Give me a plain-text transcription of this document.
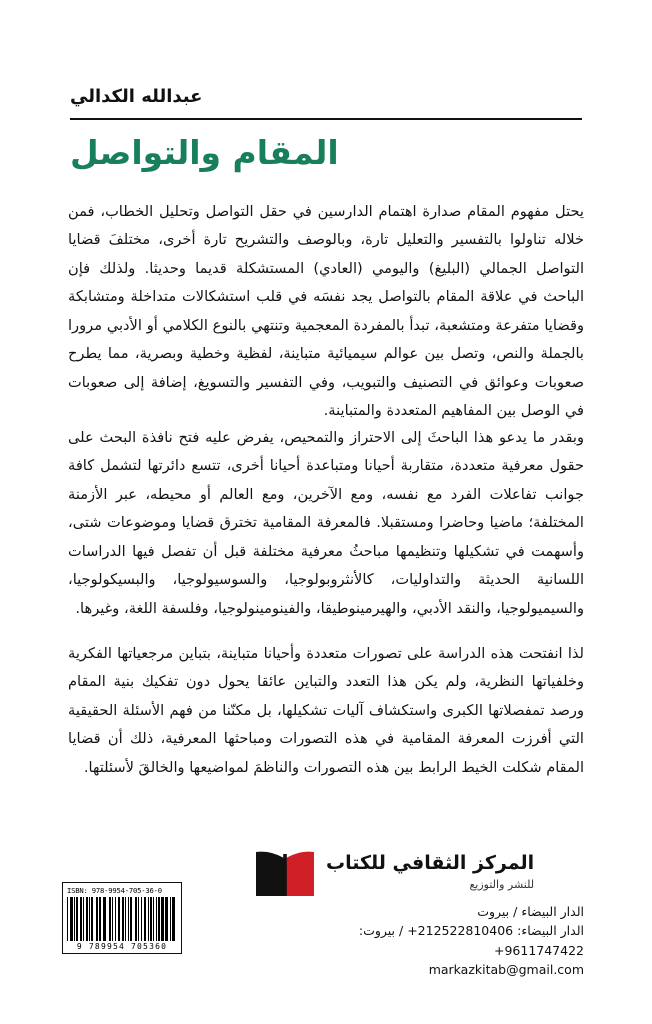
عبدالله الكدالي
المقام والتواصل

يحتل مفهوم المقام صدارة اهتمام الدارسين في حقل التواصل وتحليل الخطاب، فمن خلاله تناولوا بالتفسير والتعليل تارة، وبالوصف والتشريح تارة أخرى، مختلفَ قضايا التواصل الجمالي (البليغ) واليومي (العادي) المستشكلة قديما وحديثا. ولذلك فإن الباحث في علاقة المقام بالتواصل يجد نفسَه في قلب استشكالات متداخلة ومتشابكة وقضايا متفرعة ومتشعبة، تبدأ بالمفردة المعجمية وتنتهي بالنوع الكلامي أو الأدبي مرورا بالجملة والنص، وتصل بين عوالم سيميائية متباينة، لفظية وخطية وبصرية، مما يطرح صعوبات وعوائق في التصنيف والتبويب، وفي التفسير والتسويغ، إضافة إلى صعوبات في الوصل بين المفاهيم المتعددة والمتباينة.

وبقدر ما يدعو هذا الباحثَ إلى الاحتراز والتمحيص، يفرض عليه فتح نافذة البحث على حقول معرفية متعددة، متقاربة أحيانا ومتباعدة أحيانا أخرى، تتسع دائرتها لتشمل كافة جوانب تفاعلات الفرد مع نفسه، ومع الآخرين، ومع العالم أو محيطه، عبر الأزمنة المختلفة؛ ماضيا وحاضرا ومستقبلا. فالمعرفة المقامية تخترق قضايا وموضوعات شتى، وأسهمت في تشكيلها وتنظيمها مباحثُ معرفية مختلفة قبل أن تفصل فيها الدراسات اللسانية الحديثة والتداوليات، كالأنثروبولوجيا، والسوسيولوجيا، والبسيكولوجيا، والسيميولوجيا، والنقد الأدبي، والهيرمينوطيقا، والفينومينولوجيا، وفلسفة اللغة، وغيرها.

لذا انفتحت هذه الدراسة على تصورات متعددة وأحيانا متباينة، بتباين مرجعياتها الفكرية وخلفياتها النظرية، ولم يكن هذا التعدد والتباين عائقا يحول دون تفكيك بنية المقام ورصد تمفصلاتها الكبرى واستكشاف آليات تشكيلها، بل مكنّنا من فهم الأسئلة الحقيقية التي أفرزت المعرفة المقامية في هذه التصورات ومباحثها المعرفية، ذلك أن قضايا المقام شكلت الخيط الرابط بين هذه التصورات والناظمَ لمواضيعها والخالقَ لأسئلتها.

المركز الثقافي للكتاب
للنشر والتوزيع
الدار البيضاء / بيروت
الدار البيضاء: +212522810406 / بيروت: +9611747422
markazkitab@gmail.com
ISBN: 978-9954-705-36-0
9 789954 705360
